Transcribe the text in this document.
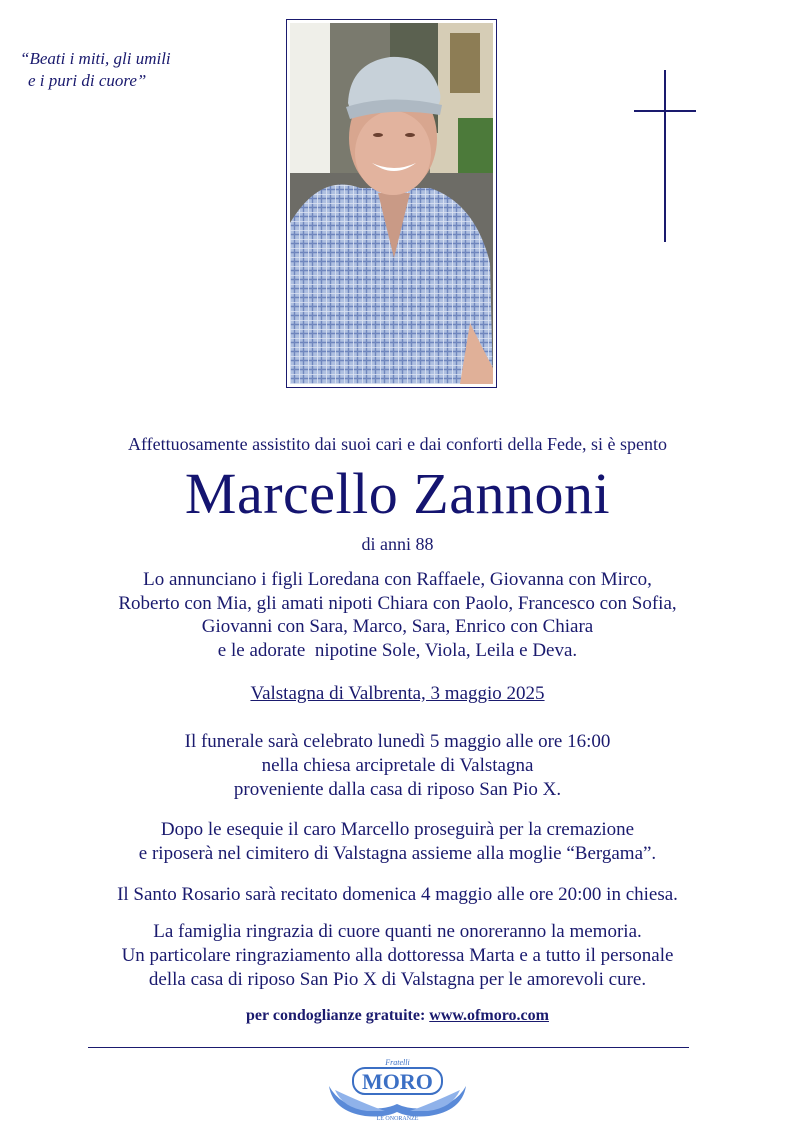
“Beati i miti, gli umili
e i puri di cuore”
Affettuosamente assistito dai suoi cari e dai conforti della Fede, si è spento
Marcello Zannoni
di anni 88
Lo annunciano i figli Loredana con Raffaele, Giovanna con Mirco,
Roberto con Mia, gli amati nipoti Chiara con Paolo, Francesco con Sofia,
Giovanni con Sara, Marco, Sara, Enrico con Chiara
e le adorate  nipotine Sole, Viola, Leila e Deva.
Valstagna di Valbrenta, 3 maggio 2025
Il funerale sarà celebrato lunedì 5 maggio alle ore 16:00
nella chiesa arcipretale di Valstagna
proveniente dalla casa di riposo San Pio X.
Dopo le esequie il caro Marcello proseguirà per la cremazione
e riposerà nel cimitero di Valstagna assieme alla moglie “Bergama”.
Il Santo Rosario sarà recitato domenica 4 maggio alle ore 20:00 in chiesa.
La famiglia ringrazia di cuore quanti ne onoreranno la memoria.
Un particolare ringraziamento alla dottoressa Marta e a tutto il personale
della casa di riposo San Pio X di Valstagna per le amorevoli cure.
per condoglianze gratuite: www.ofmoro.com
Fratelli
MORO
LE ONORANZE
